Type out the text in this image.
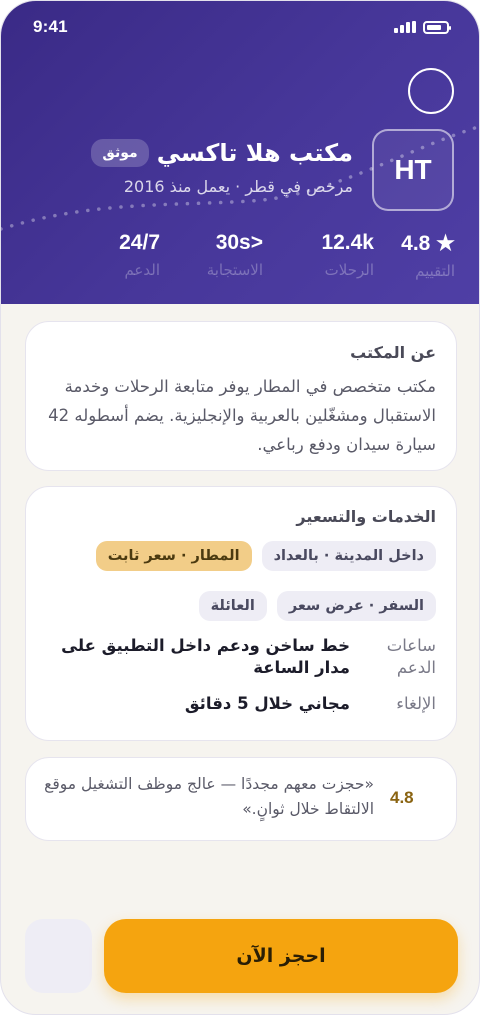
9:41
HT
مكتب هلا تاكسي
موثق
مرخص في قطر · يعمل منذ 2016
4.8 ★
التقييم
12.4k
الرحلات
30s>
الاستجابة
24/7
الدعم
عن المكتب
مكتب متخصص في المطار يوفر متابعة الرحلات وخدمة الاستقبال ومشغّلين بالعربية والإنجليزية. يضم أسطوله 42 سيارة سيدان ودفع رباعي.
الخدمات والتسعير
داخل المدينة · بالعداد
المطار · سعر ثابت
السفر · عرض سعر
العائلة
ساعات الدعم
خط ساخن ودعم داخل التطبيق على مدار الساعة
الإلغاء
مجاني خلال 5 دقائق
«حجزت معهم مجددًا — عالج موظف التشغيل موقع الالتقاط خلال ثوانٍ.»
4.8
احجز الآن
